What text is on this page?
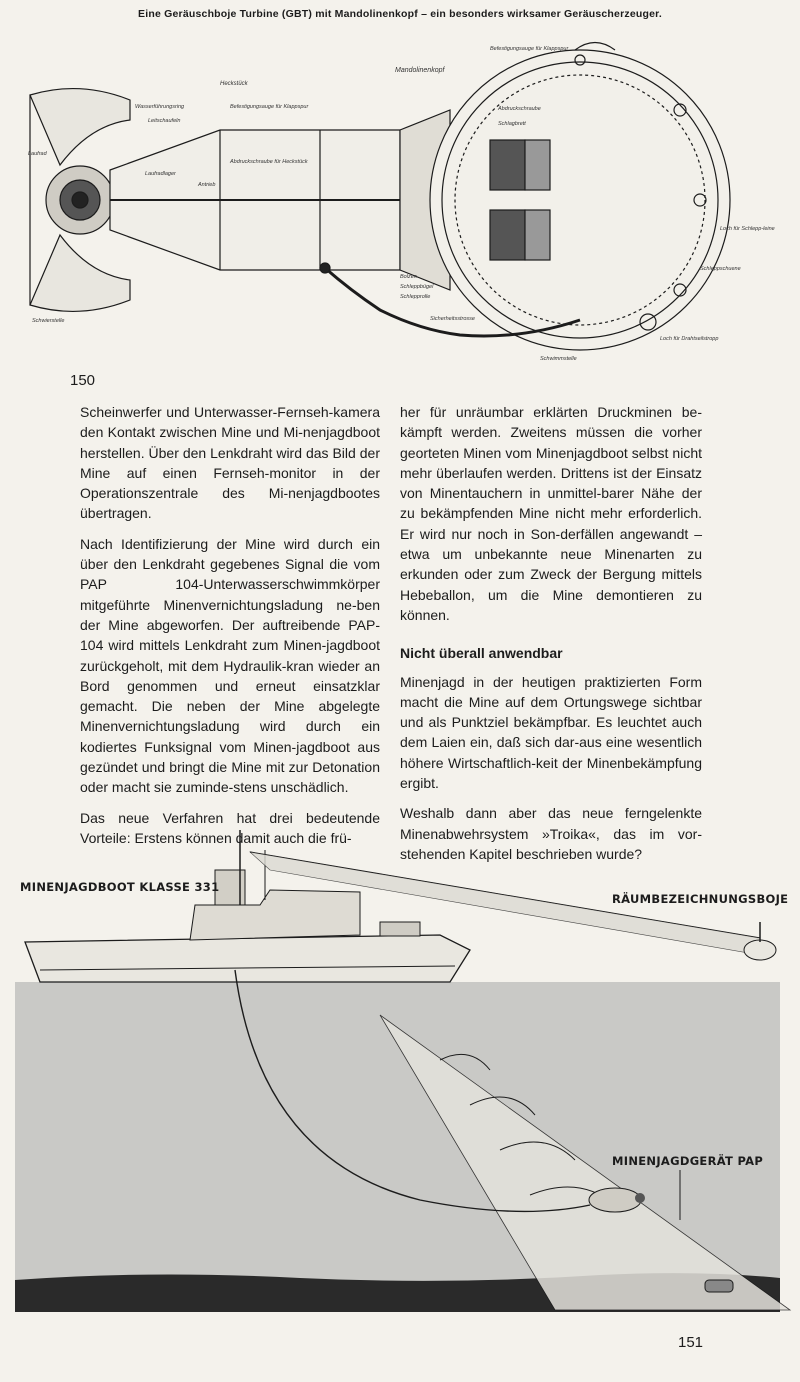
Eine Geräuschboje Turbine (GBT) mit Mandolinenkopf – ein besonders wirksamer Geräuscherzeuger.
Mandolinenkopf
Heckstück
Befestigungsauge für Klappspur
Wasserführungsring
Leitschaufeln
Befestigungsauge für Klappspur	Abdruckschraube
Schlagbrett
Laufrad
Laufradlager
Antrieb
Abdruckschraube für Heckstück
Loch für Schlepp-leine
Schleppschuene
Bolzen
Schleppbügel
Schlepprolle
Sicherheitsstrosse
Schwimmstelle
Schwierstelle
Loch für Drahtseilstropp
150

Scheinwerfer und Unterwasser-Fernseh-kamera den Kontakt zwischen Mine und Mi-nenjagdboot herstellen. Über den Lenkdraht wird das Bild der Mine auf einen Fernseh-monitor in der Operationszentrale des Mi-nenjagdbootes übertragen.

Nach Identifizierung der Mine wird durch ein über den Lenkdraht gegebenes Signal die vom PAP 104-Unterwasserschwimmkörper mitgeführte Minenvernichtungsladung ne-ben der Mine abgeworfen. Der auftreibende PAP-104 wird mittels Lenkdraht zum Minen-jagdboot zurückgeholt, mit dem Hydraulik-kran wieder an Bord genommen und erneut einsatzklar gemacht. Die neben der Mine abgelegte Minenvernichtungsladung wird durch ein kodiertes Funksignal vom Minen-jagdboot aus gezündet und bringt die Mine mit zur Detonation oder macht sie zuminde-stens unschädlich.

Das neue Verfahren hat drei bedeutende Vorteile: Erstens können damit auch die frü-

her für unräumbar erklärten Druckminen be-kämpft werden. Zweitens müssen die vorher georteten Minen vom Minenjagdboot selbst nicht mehr überlaufen werden. Drittens ist der Einsatz von Minentauchern in unmittel-barer Nähe der zu bekämpfenden Mine nicht mehr erforderlich. Er wird nur noch in Son-derfällen angewandt – etwa um unbekannte neue Minenarten zu erkunden oder zum Zweck der Bergung mittels Hebeballon, um die Mine demontieren zu können.

Nicht überall anwendbar

Minenjagd in der heutigen praktizierten Form macht die Mine auf dem Ortungswege sichtbar und als Punktziel bekämpfbar. Es leuchtet auch dem Laien ein, daß sich dar-aus eine wesentlich höhere Wirtschaftlich-keit der Minenbekämpfung ergibt.

Weshalb dann aber das neue ferngelenkte Minenabwehrsystem »Troika«, das im vor-stehenden Kapitel beschrieben wurde?

MINENJAGDBOOT KLASSE 331
RÄUMBEZEICHNUNGSBOJE
MINENJAGDGERÄT PAP
151
